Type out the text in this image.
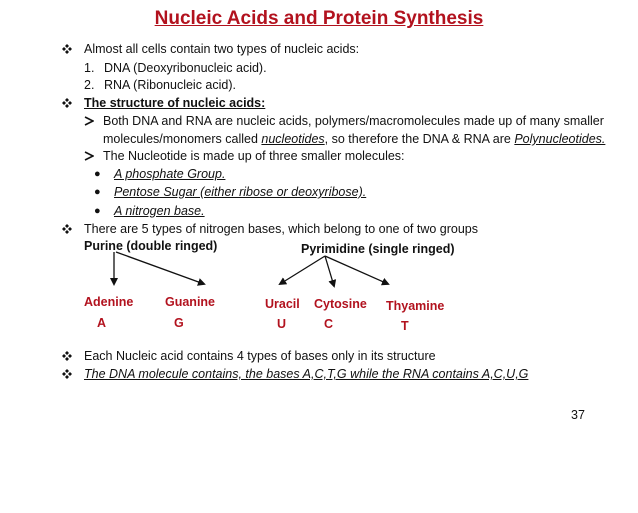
Nucleic Acids and Protein Synthesis
Almost all cells contain two types of nucleic acids:
1. DNA (Deoxyribonucleic acid).
2. RNA (Ribonucleic acid).
The structure of nucleic acids:
Both DNA and RNA are nucleic acids, polymers/macromolecules made up of many smaller
molecules/monomers called nucleotides, so therefore the DNA & RNA are Polynucleotides.
The Nucleotide is made up of three smaller molecules:
● A phosphate Group.
● Pentose Sugar (either ribose or deoxyribose).
● A nitrogen base.
There are 5 types of nitrogen bases, which belong to one of two groups
Purine (double ringed)	Pyrimidine (single ringed)
Adenine
A
Guanine
G
Uracil
U
Cytosine
C
Thyamine
T
Each Nucleic acid contains 4 types of bases only in its structure
The DNA molecule contains, the bases A,C,T,G while the RNA contains A,C,U,G
37
